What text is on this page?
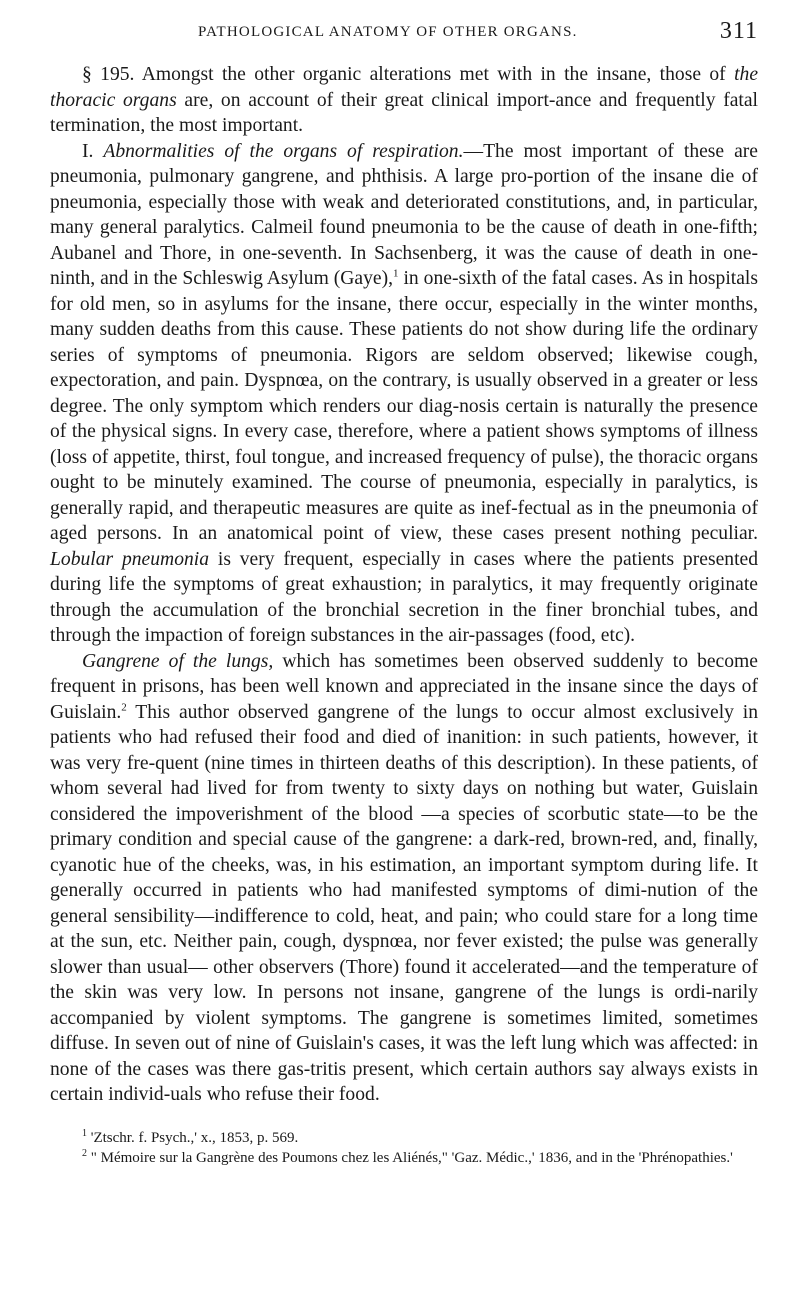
PATHOLOGICAL ANATOMY OF OTHER ORGANS.	311

§ 195. Amongst the other organic alterations met with in the insane, those of the thoracic organs are, on account of their great clinical import-ance and frequently fatal termination, the most important.

I. Abnormalities of the organs of respiration.—The most important of these are pneumonia, pulmonary gangrene, and phthisis. A large pro-portion of the insane die of pneumonia, especially those with weak and deteriorated constitutions, and, in particular, many general paralytics. Calmeil found pneumonia to be the cause of death in one-fifth; Aubanel and Thore, in one-seventh. In Sachsenberg, it was the cause of death in one-ninth, and in the Schleswig Asylum (Gaye),$^1$ in one-sixth of the fatal cases. As in hospitals for old men, so in asylums for the insane, there occur, especially in the winter months, many sudden deaths from this cause. These patients do not show during life the ordinary series of symptoms of pneumonia. Rigors are seldom observed; likewise cough, expectoration, and pain. Dyspnœa, on the contrary, is usually observed in a greater or less degree. The only symptom which renders our diag-nosis certain is naturally the presence of the physical signs. In every case, therefore, where a patient shows symptoms of illness (loss of appetite, thirst, foul tongue, and increased frequency of pulse), the thoracic organs ought to be minutely examined. The course of pneumonia, especially in paralytics, is generally rapid, and therapeutic measures are quite as inef-fectual as in the pneumonia of aged persons. In an anatomical point of view, these cases present nothing peculiar. Lobular pneumonia is very frequent, especially in cases where the patients presented during life the symptoms of great exhaustion; in paralytics, it may frequently originate through the accumulation of the bronchial secretion in the finer bronchial tubes, and through the impaction of foreign substances in the air-passages (food, etc).

Gangrene of the lungs, which has sometimes been observed suddenly to become frequent in prisons, has been well known and appreciated in the insane since the days of Guislain.$^2$ This author observed gangrene of the lungs to occur almost exclusively in patients who had refused their food and died of inanition: in such patients, however, it was very fre-quent (nine times in thirteen deaths of this description). In these patients, of whom several had lived for from twenty to sixty days on nothing but water, Guislain considered the impoverishment of the blood —a species of scorbutic state—to be the primary condition and special cause of the gangrene: a dark-red, brown-red, and, finally, cyanotic hue of the cheeks, was, in his estimation, an important symptom during life. It generally occurred in patients who had manifested symptoms of dimi-nution of the general sensibility—indifference to cold, heat, and pain; who could stare for a long time at the sun, etc. Neither pain, cough, dyspnœa, nor fever existed; the pulse was generally slower than usual— other observers (Thore) found it accelerated—and the temperature of the skin was very low. In persons not insane, gangrene of the lungs is ordi-narily accompanied by violent symptoms. The gangrene is sometimes limited, sometimes diffuse. In seven out of nine of Guislain's cases, it was the left lung which was affected: in none of the cases was there gas-tritis present, which certain authors say always exists in certain individ-uals who refuse their food.

$^1$ 'Ztschr. f. Psych.,' x., 1853, p. 569.

$^2$ " Mémoire sur la Gangrène des Poumons chez les Aliénés," 'Gaz. Médic.,' 1836, and in the 'Phrénopathies.'
